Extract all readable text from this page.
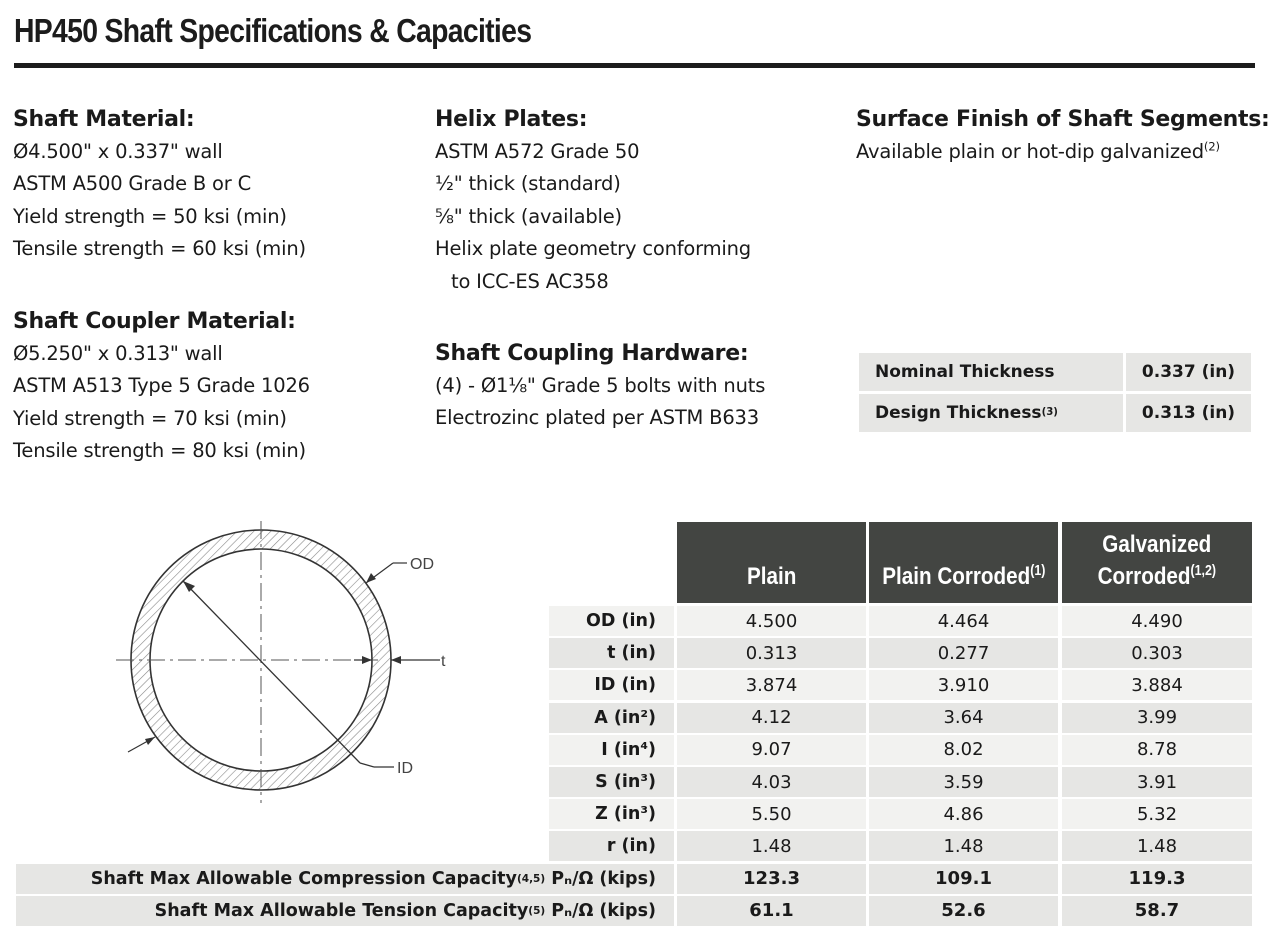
HP450 Shaft Specifications & Capacities
Shaft Material:
Ø4.500" x 0.337" wall
ASTM A500 Grade B or C
Yield strength = 50 ksi (min)
Tensile strength = 60 ksi (min)
Shaft Coupler Material:
Ø5.250" x 0.313" wall
ASTM A513 Type 5 Grade 1026
Yield strength = 70 ksi (min)
Tensile strength = 80 ksi (min)
Helix Plates:
ASTM A572 Grade 50
½" thick (standard)
⅝" thick (available)
Helix plate geometry conforming
to ICC-ES AC358
Shaft Coupling Hardware:
(4) - Ø1⅛" Grade 5 bolts with nuts
Electrozinc plated per ASTM B633
Surface Finish of Shaft Segments:
Available plain or hot-dip galvanized$^{(2)}$
Nominal Thickness	0.337 (in)
Design Thickness (3)	0.313 (in)
ID
OD
t
Plain	Plain Corroded$^{(1)}$
Galvanized
Corroded$^{(1,2)}$
OD (in)	4.500	4.464	4.490
t (in)	0.313	0.277	0.303
ID (in)	3.874	3.910	3.884
A (in²)	4.12	3.64	3.99
I (in⁴)	9.07	8.02	8.78
S (in³)	4.03	3.59	3.91
Z (in³)	5.50	4.86	5.32
r (in)	1.48	1.48	1.48
Shaft Max Allowable Compression Capacity (4,5) Pₙ/Ω (kips)	123.3	109.1	119.3
Shaft Max Allowable Tension Capacity (5) Pₙ/Ω (kips)	61.1	52.6	58.7
